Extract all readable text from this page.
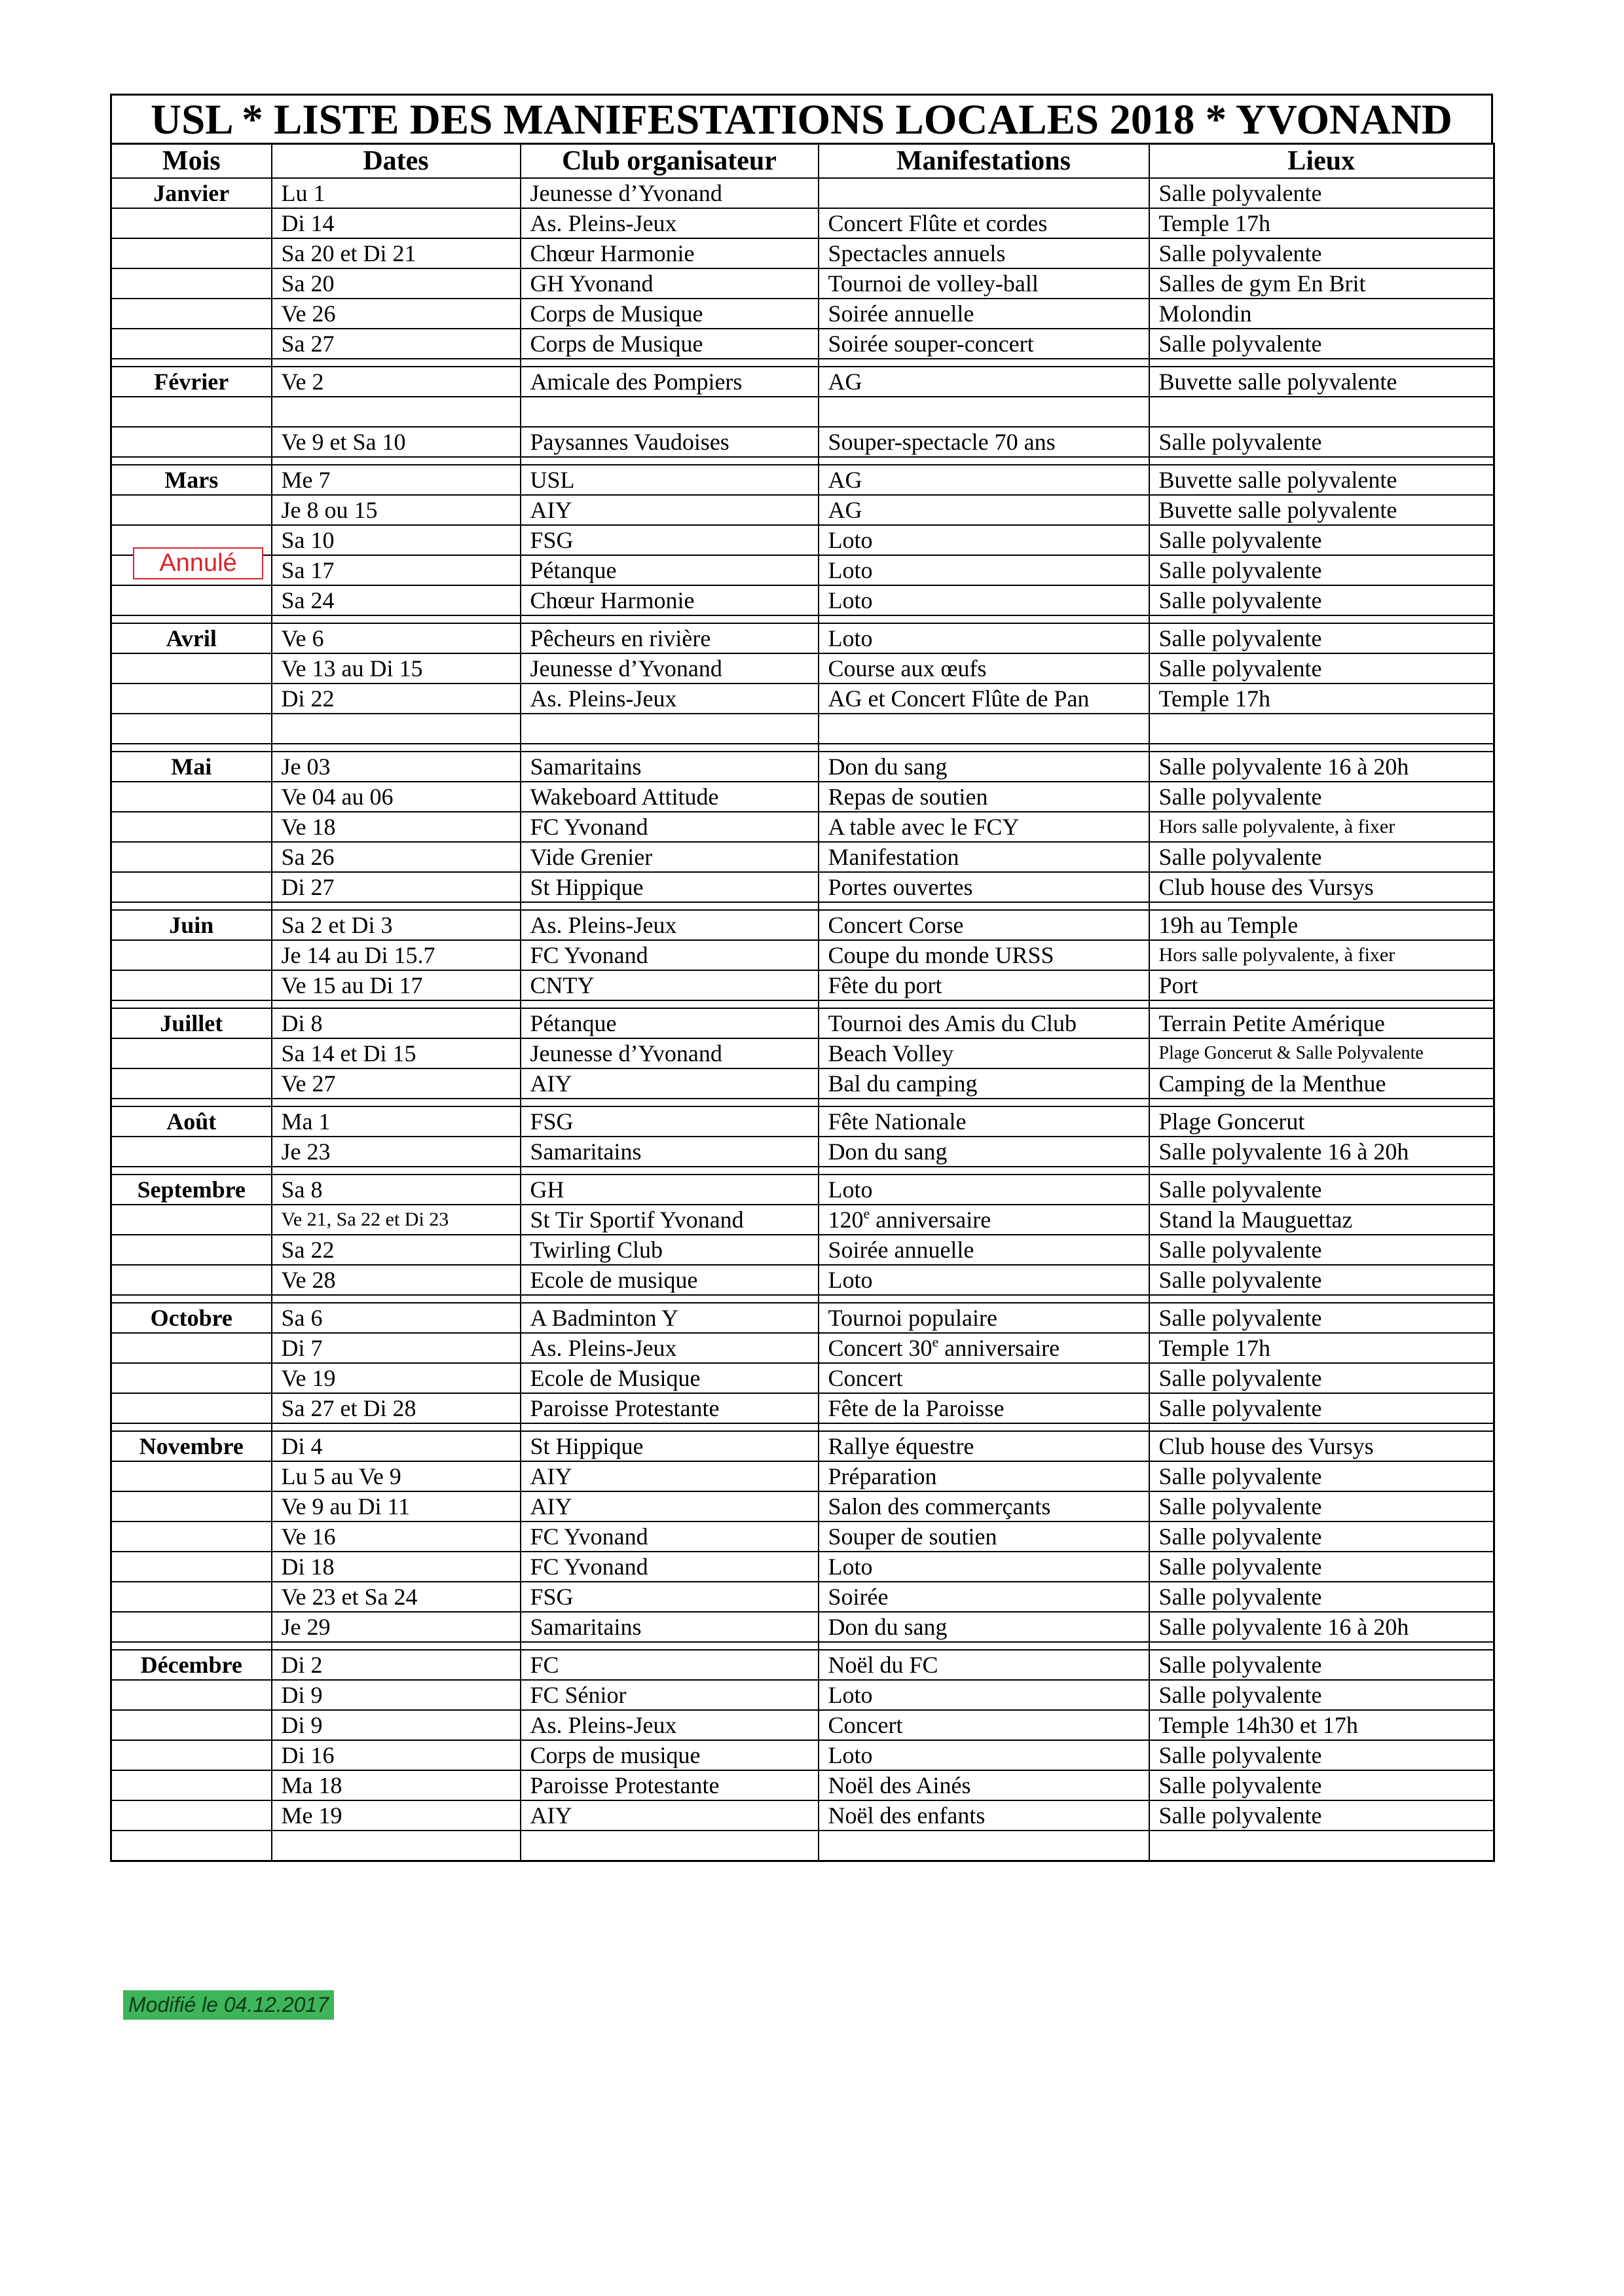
USL * LISTE DES MANIFESTATIONS LOCALES 2018 * YVONAND
Mois	Dates	Club organisateur	Manifestations	Lieux
Janvier	Lu 1	Jeunesse d’Yvonand		Salle polyvalente
	Di 14	As. Pleins-Jeux	Concert Flûte et cordes	Temple 17h
	Sa 20 et Di 21	Chœur Harmonie	Spectacles annuels	Salle polyvalente
	Sa 20	GH Yvonand	Tournoi de volley-ball	Salles de gym En Brit
	Ve 26	Corps de Musique	Soirée annuelle	Molondin
	Sa 27	Corps de Musique	Soirée souper-concert	Salle polyvalente

Février	Ve 2	Amicale des Pompiers	AG	Buvette salle polyvalente

	Ve 9 et Sa 10	Paysannes Vaudoises	Souper-spectacle 70 ans	Salle polyvalente

Mars	Me 7	USL	AG	Buvette salle polyvalente
	Je 8 ou 15	AIY	AG	Buvette salle polyvalente
	Sa 10	FSG	Loto	Salle polyvalente
	Sa 17	Pétanque	Loto	Salle polyvalente
	Sa 24	Chœur Harmonie	Loto	Salle polyvalente

Avril	Ve 6	Pêcheurs en rivière	Loto	Salle polyvalente
	Ve 13 au Di 15	Jeunesse d’Yvonand	Course aux œufs	Salle polyvalente
	Di 22	As. Pleins-Jeux	AG et Concert Flûte de Pan	Temple 17h

Mai	Je 03	Samaritains	Don du sang	Salle polyvalente 16 à 20h
	Ve 04 au 06	Wakeboard Attitude	Repas de soutien	Salle polyvalente
	Ve 18	FC Yvonand	A table avec le FCY	Hors salle polyvalente, à fixer
	Sa 26	Vide Grenier	Manifestation	Salle polyvalente
	Di 27	St Hippique	Portes ouvertes	Club house des Vursys

Juin	Sa 2 et Di 3	As. Pleins-Jeux	Concert Corse	19h au Temple
	Je 14 au Di 15.7	FC Yvonand	Coupe du monde URSS	Hors salle polyvalente, à fixer
	Ve 15 au Di 17	CNTY	Fête du port	Port

Juillet	Di 8	Pétanque	Tournoi des Amis du Club	Terrain Petite Amérique
	Sa 14 et Di 15	Jeunesse d’Yvonand	Beach Volley	Plage Goncerut & Salle Polyvalente
	Ve 27	AIY	Bal du camping	Camping de la Menthue

Août	Ma 1	FSG	Fête Nationale	Plage Goncerut
	Je 23	Samaritains	Don du sang	Salle polyvalente 16 à 20h

Septembre	Sa 8	GH	Loto	Salle polyvalente
	Ve 21, Sa 22 et Di 23	St Tir Sportif Yvonand	120e anniversaire	Stand la Mauguettaz
	Sa 22	Twirling Club	Soirée annuelle	Salle polyvalente
	Ve 28	Ecole de musique	Loto	Salle polyvalente

Octobre	Sa 6	A Badminton Y	Tournoi populaire	Salle polyvalente
	Di 7	As. Pleins-Jeux	Concert 30e anniversaire	Temple 17h
	Ve 19	Ecole de Musique	Concert	Salle polyvalente
	Sa 27 et Di 28	Paroisse Protestante	Fête de la Paroisse	Salle polyvalente

Novembre	Di 4	St Hippique	Rallye équestre	Club house des Vursys
	Lu 5 au Ve 9	AIY	Préparation	Salle polyvalente
	Ve 9 au Di 11	AIY	Salon des commerçants	Salle polyvalente
	Ve 16	FC Yvonand	Souper de soutien	Salle polyvalente
	Di 18	FC Yvonand	Loto	Salle polyvalente
	Ve 23 et Sa 24	FSG	Soirée	Salle polyvalente
	Je 29	Samaritains	Don du sang	Salle polyvalente 16 à 20h

Décembre	Di 2	FC	Noël du FC	Salle polyvalente
	Di 9	FC Sénior	Loto	Salle polyvalente
	Di 9	As. Pleins-Jeux	Concert	Temple 14h30 et 17h
	Di 16	Corps de musique	Loto	Salle polyvalente
	Ma 18	Paroisse Protestante	Noël des Ainés	Salle polyvalente
	Me 19	AIY	Noël des enfants	Salle polyvalente

Annulé
Modifié le 04.12.2017
